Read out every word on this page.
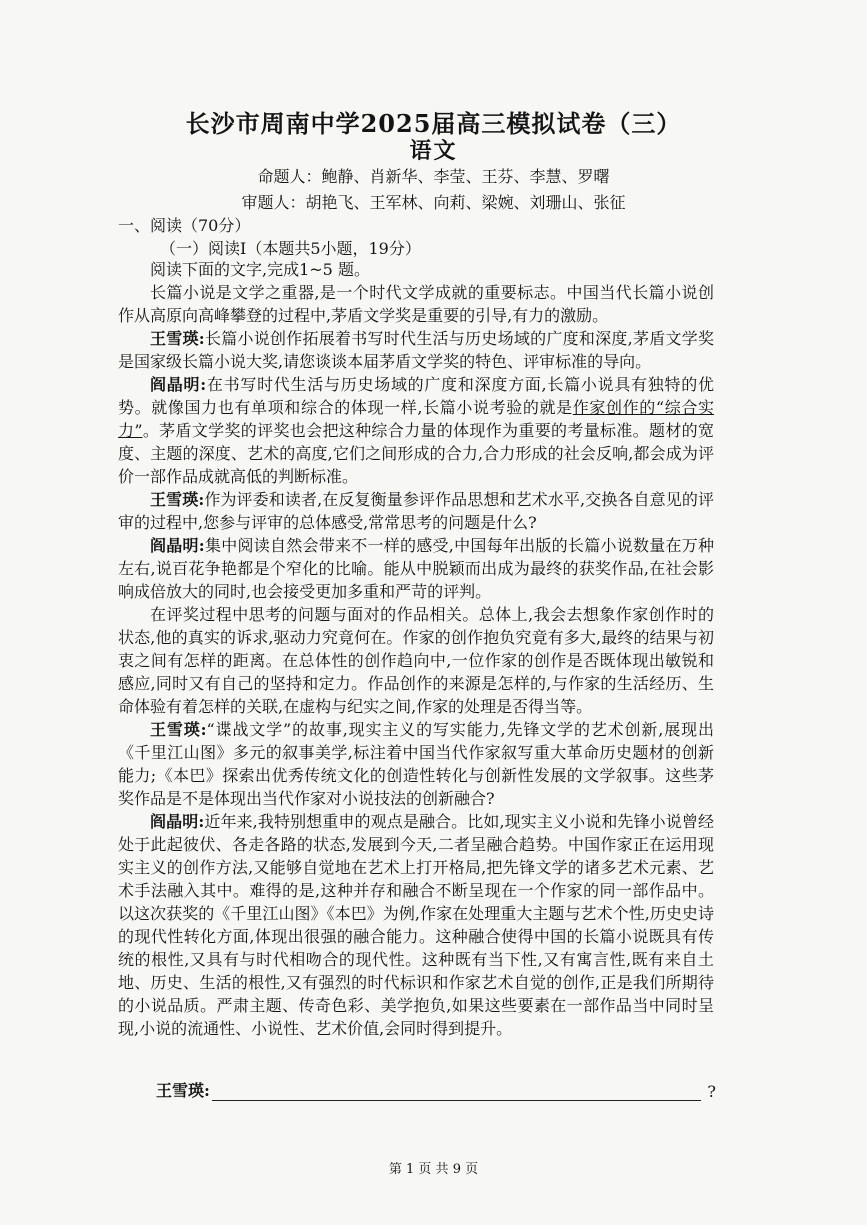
长沙市周南中学2025届高三模拟试卷（三）
语文
命题人：鲍静、肖新华、李莹、王芬、李慧、罗曙
审题人：胡艳飞、王军林、向莉、梁婉、刘珊山、张征
一、阅读（70分）
（一）阅读Ⅰ（本题共5小题，19分）

阅读下面的文字,完成1~5 题。

长篇小说是文学之重器,是一个时代文学成就的重要标志。中国当代长篇小说创作从高原向高峰攀登的过程中,茅盾文学奖是重要的引导,有力的激励。

王雪瑛:长篇小说创作拓展着书写时代生活与历史场域的广度和深度,茅盾文学奖是国家级长篇小说大奖,请您谈谈本届茅盾文学奖的特色、评审标准的导向。

阎晶明:在书写时代生活与历史场域的广度和深度方面,长篇小说具有独特的优势。就像国力也有单项和综合的体现一样,长篇小说考验的就是作家创作的“综合实力”。茅盾文学奖的评奖也会把这种综合力量的体现作为重要的考量标准。题材的宽度、主题的深度、艺术的高度,它们之间形成的合力,合力形成的社会反响,都会成为评价一部作品成就高低的判断标准。

王雪瑛:作为评委和读者,在反复衡量参评作品思想和艺术水平,交换各自意见的评审的过程中,您参与评审的总体感受,常常思考的问题是什么?

阎晶明:集中阅读自然会带来不一样的感受,中国每年出版的长篇小说数量在万种左右,说百花争艳都是个窄化的比喻。能从中脱颖而出成为最终的获奖作品,在社会影响成倍放大的同时,也会接受更加多重和严苛的评判。

在评奖过程中思考的问题与面对的作品相关。总体上,我会去想象作家创作时的状态,他的真实的诉求,驱动力究竟何在。作家的创作抱负究竟有多大,最终的结果与初衷之间有怎样的距离。在总体性的创作趋向中,一位作家的创作是否既体现出敏锐和感应,同时又有自己的坚持和定力。作品创作的来源是怎样的,与作家的生活经历、生命体验有着怎样的关联,在虚构与纪实之间,作家的处理是否得当等。

王雪瑛:“谍战文学”的故事,现实主义的写实能力,先锋文学的艺术创新,展现出《千里江山图》多元的叙事美学,标注着中国当代作家叙写重大革命历史题材的创新能力;《本巴》探索出优秀传统文化的创造性转化与创新性发展的文学叙事。这些茅奖作品是不是体现出当代作家对小说技法的创新融合?

阎晶明:近年来,我特别想重申的观点是融合。比如,现实主义小说和先锋小说曾经处于此起彼伏、各走各路的状态,发展到今天,二者呈融合趋势。中国作家正在运用现实主义的创作方法,又能够自觉地在艺术上打开格局,把先锋文学的诸多艺术元素、艺术手法融入其中。难得的是,这种并存和融合不断呈现在一个作家的同一部作品中。以这次获奖的《千里江山图》《本巴》为例,作家在处理重大主题与艺术个性,历史史诗的现代性转化方面,体现出很强的融合能力。这种融合使得中国的长篇小说既具有传统的根性,又具有与时代相吻合的现代性。这种既有当下性,又有寓言性,既有来自土地、历史、生活的根性,又有强烈的时代标识和作家艺术自觉的创作,正是我们所期待的小说品质。严肃主题、传奇色彩、美学抱负,如果这些要素在一部作品当中同时呈现,小说的流通性、小说性、艺术价值,会同时得到提升。

王雪瑛:	?
第 1 页 共 9 页
